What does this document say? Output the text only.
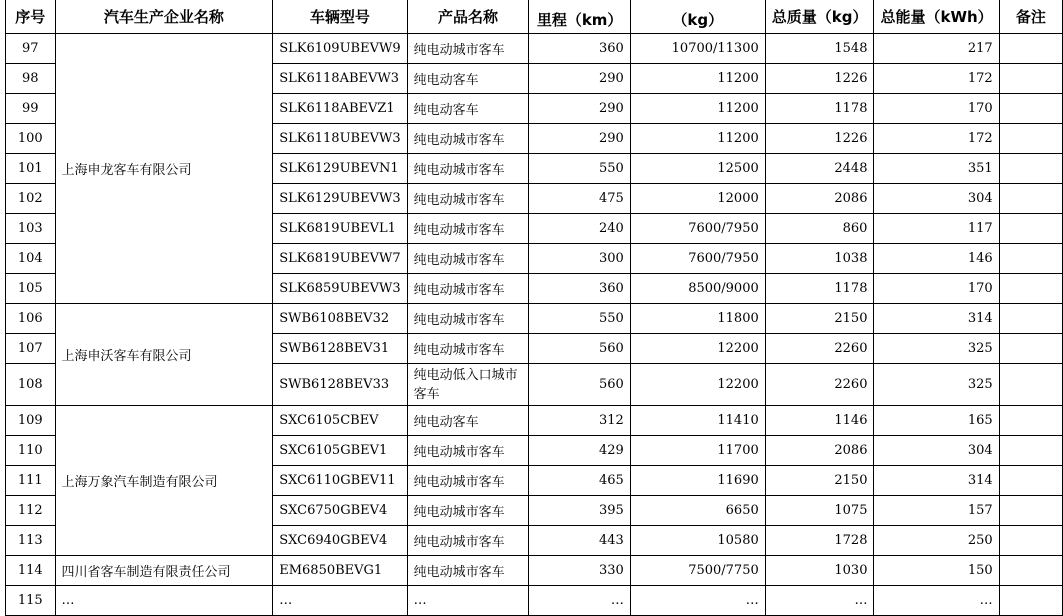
序号	汽车生产企业名称	车辆型号	产品名称	里程（km）	（kg）	总质量（kg）	总能量（kWh）	备注
97	上海申龙客车有限公司	SLK6109UBEVW9	纯电动城市客车	360	10700/11300	1548	217	
98		SLK6118ABEVW3	纯电动客车	290	11200	1226	172	
99		SLK6118ABEVZ1	纯电动客车	290	11200	1178	170	
100		SLK6118UBEVW3	纯电动城市客车	290	11200	1226	172	
101		SLK6129UBEVN1	纯电动城市客车	550	12500	2448	351	
102		SLK6129UBEVW3	纯电动城市客车	475	12000	2086	304	
103		SLK6819UBEVL1	纯电动城市客车	240	7600/7950	860	117	
104		SLK6819UBEVW7	纯电动城市客车	300	7600/7950	1038	146	
105		SLK6859UBEVW3	纯电动城市客车	360	8500/9000	1178	170	
106	上海申沃客车有限公司	SWB6108BEV32	纯电动城市客车	550	11800	2150	314	
107		SWB6128BEV31	纯电动城市客车	560	12200	2260	325	
108		SWB6128BEV33	纯电动低入口城市客车	560	12200	2260	325	
109	上海万象汽车制造有限公司	SXC6105CBEV	纯电动客车	312	11410	1146	165	
110		SXC6105GBEV1	纯电动城市客车	429	11700	2086	304	
111		SXC6110GBEV11	纯电动城市客车	465	11690	2150	314	
112		SXC6750GBEV4	纯电动城市客车	395	6650	1075	157	
113		SXC6940GBEV4	纯电动城市客车	443	10580	1728	250	
114	四川省客车制造有限责任公司	EM6850BEVG1	纯电动城市客车	330	7500/7750	1030	150	
115	…	…	…	…	…	…	…	
